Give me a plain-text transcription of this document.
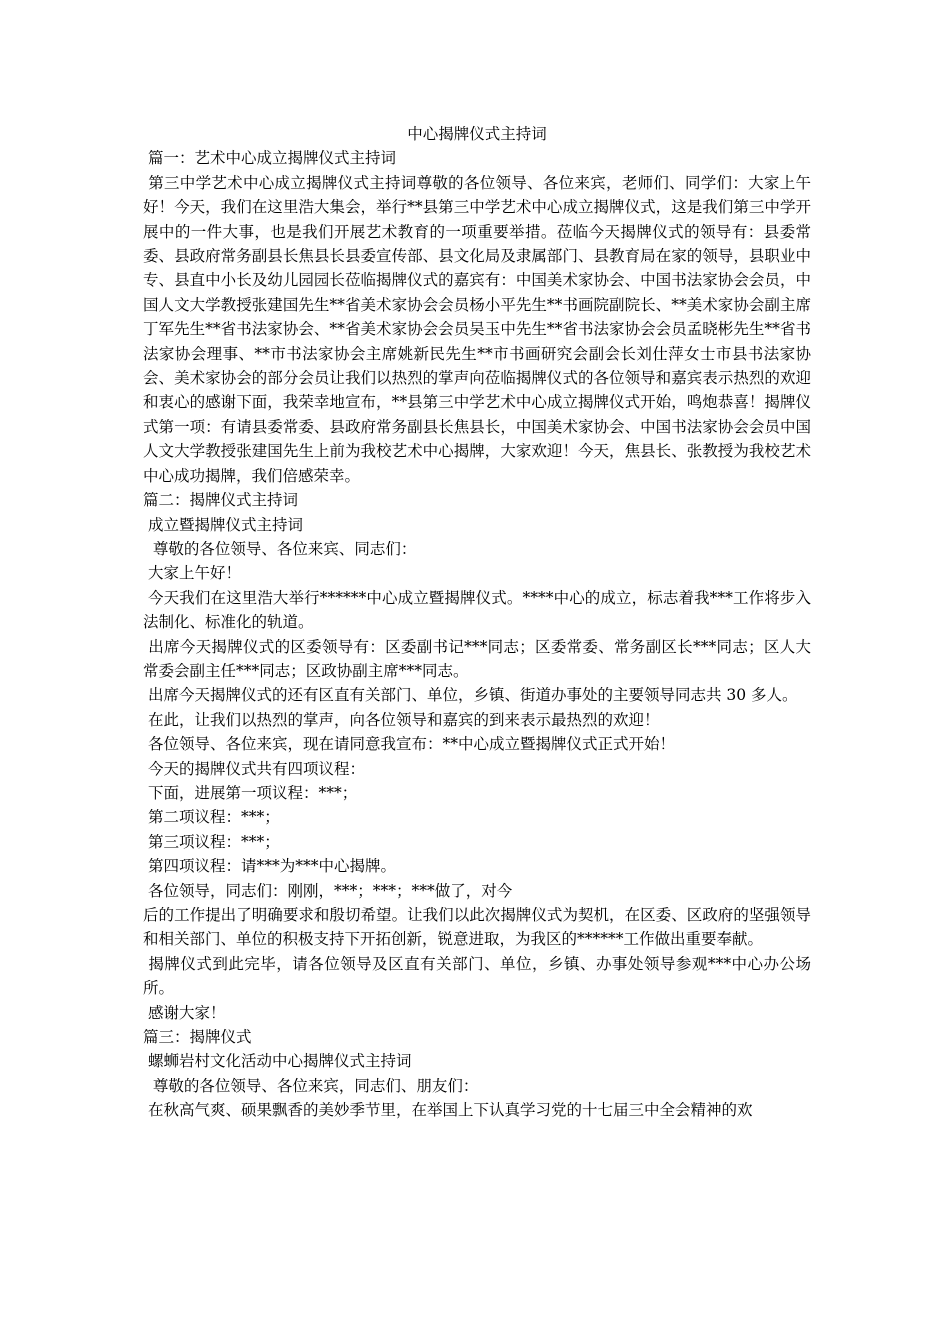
中心揭牌仪式主持词

篇一：艺术中心成立揭牌仪式主持词

第三中学艺术中心成立揭牌仪式主持词尊敬的各位领导、各位来宾，老师们、同学们：大家上午好！今天，我们在这里浩大集会，举行**县第三中学艺术中心成立揭牌仪式，这是我们第三中学开展中的一件大事，也是我们开展艺术教育的一项重要举措。莅临今天揭牌仪式的领导有：县委常委、县政府常务副县长焦县长县委宣传部、县文化局及隶属部门、县教育局在家的领导，县职业中专、县直中小长及幼儿园园长莅临揭牌仪式的嘉宾有：中国美术家协会、中国书法家协会会员，中国人文大学教授张建国先生**省美术家协会会员杨小平先生**书画院副院长、**美术家协会副主席丁军先生**省书法家协会、**省美术家协会会员吴玉中先生**省书法家协会会员孟晓彬先生**省书法家协会理事、**市书法家协会主席姚新民先生**市书画研究会副会长刘仕萍女士市县书法家协会、美术家协会的部分会员让我们以热烈的掌声向莅临揭牌仪式的各位领导和嘉宾表示热烈的欢迎和衷心的感谢下面，我荣幸地宣布，**县第三中学艺术中心成立揭牌仪式开始，鸣炮恭喜！揭牌仪式第一项：有请县委常委、县政府常务副县长焦县长，中国美术家协会、中国书法家协会会员中国人文大学教授张建国先生上前为我校艺术中心揭牌，大家欢迎！今天，焦县长、张教授为我校艺术中心成功揭牌，我们倍感荣幸。

篇二：揭牌仪式主持词

成立暨揭牌仪式主持词

尊敬的各位领导、各位来宾、同志们：

大家上午好！

今天我们在这里浩大举行******中心成立暨揭牌仪式。****中心的成立，标志着我***工作将步入法制化、标准化的轨道。

出席今天揭牌仪式的区委领导有：区委副书记***同志；区委常委、常务副区长***同志；区人大常委会副主任***同志；区政协副主席***同志。

出席今天揭牌仪式的还有区直有关部门、单位，乡镇、街道办事处的主要领导同志共 30 多人。

在此，让我们以热烈的掌声，向各位领导和嘉宾的到来表示最热烈的欢迎！

各位领导、各位来宾，现在请同意我宣布：**中心成立暨揭牌仪式正式开始！

今天的揭牌仪式共有四项议程：

下面，进展第一项议程：***；

第二项议程：***；

第三项议程：***；

第四项议程：请***为***中心揭牌。

各位领导，同志们：刚刚，***；***；***做了，对今

后的工作提出了明确要求和殷切希望。让我们以此次揭牌仪式为契机，在区委、区政府的坚强领导和相关部门、单位的积极支持下开拓创新，锐意进取，为我区的******工作做出重要奉献。

揭牌仪式到此完毕，请各位领导及区直有关部门、单位，乡镇、办事处领导参观***中心办公场所。

感谢大家！

篇三：揭牌仪式

螺蛳岩村文化活动中心揭牌仪式主持词

尊敬的各位领导、各位来宾，同志们、朋友们：

在秋高气爽、硕果飘香的美妙季节里，在举国上下认真学习党的十七届三中全会精神的欢
